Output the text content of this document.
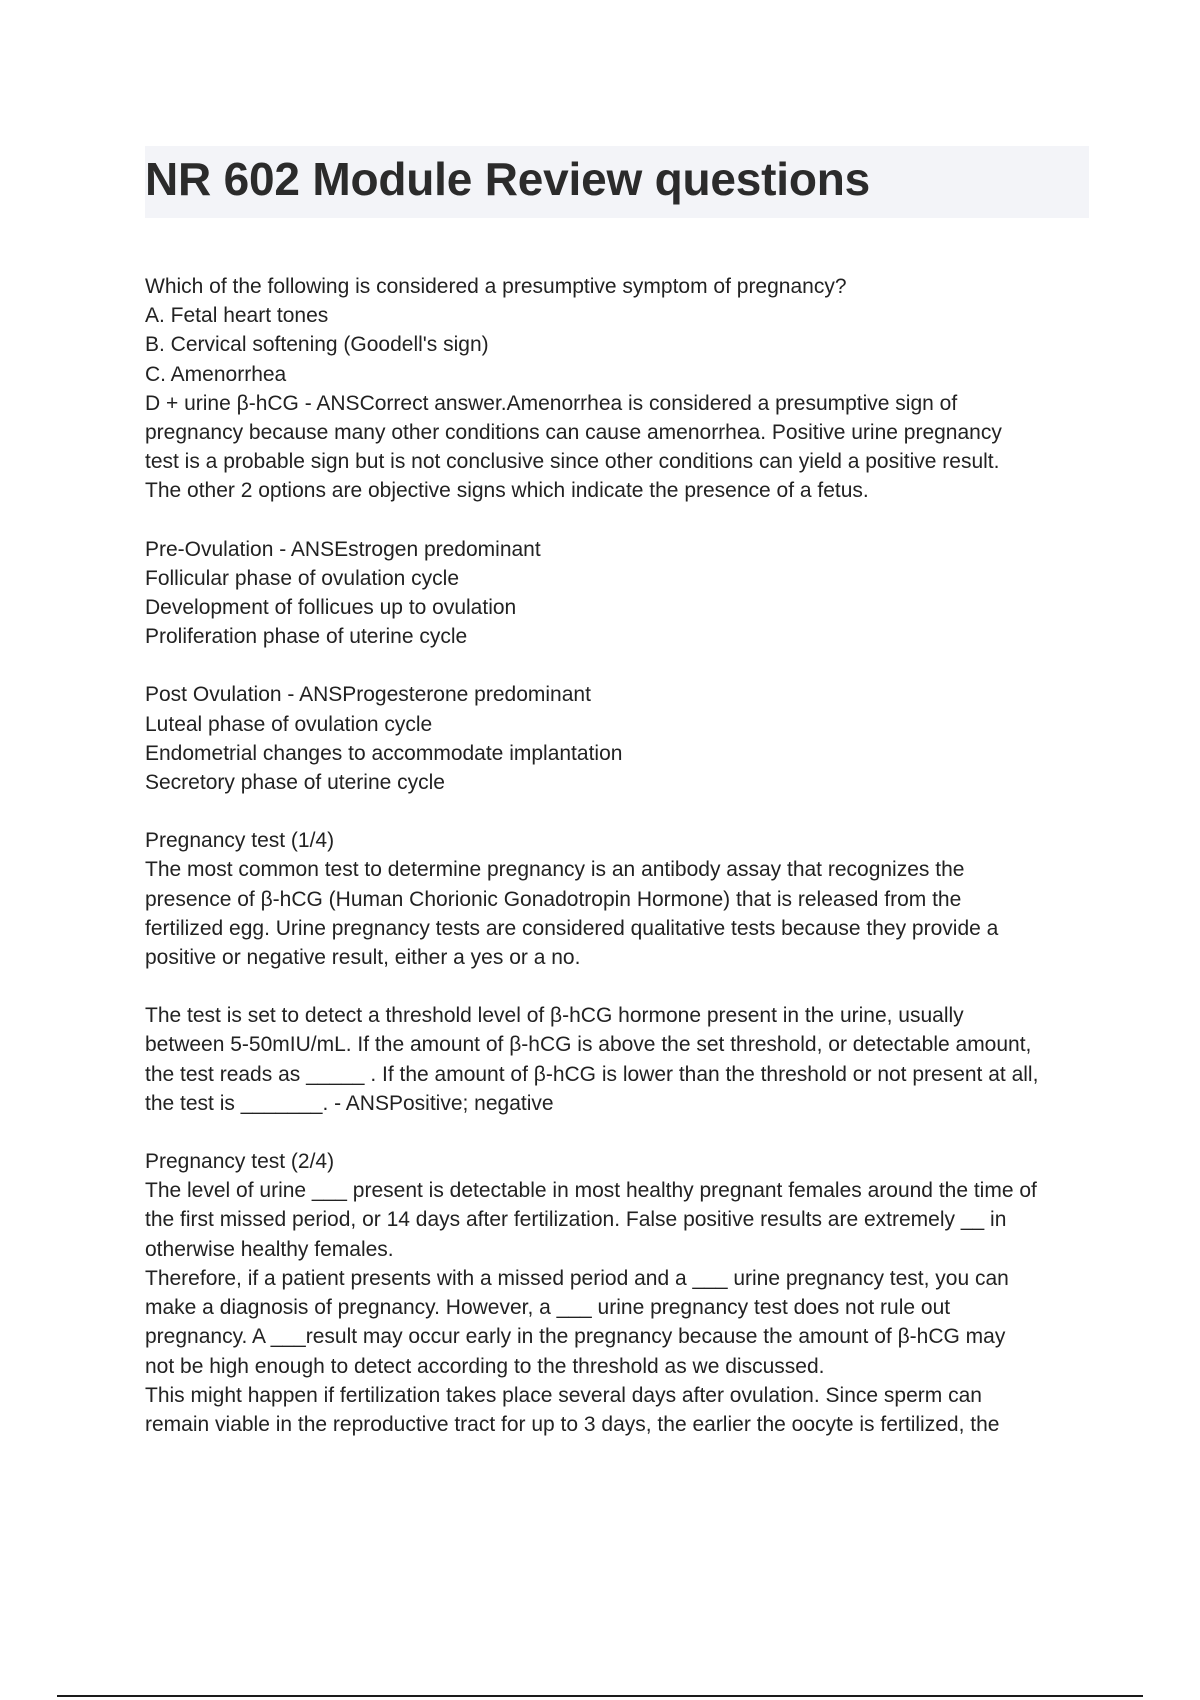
NR 602 Module Review questions

Which of the following is considered a presumptive symptom of pregnancy?

A. Fetal heart tones

B. Cervical softening (Goodell's sign)

C. Amenorrhea

D + urine β-hCG - ANSCorrect answer.Amenorrhea is considered a presumptive sign of

pregnancy because many other conditions can cause amenorrhea. Positive urine pregnancy

test is a probable sign but is not conclusive since other conditions can yield a positive result.

The other 2 options are objective signs which indicate the presence of a fetus.

Pre-Ovulation - ANSEstrogen predominant

Follicular phase of ovulation cycle

Development of follicues up to ovulation

Proliferation phase of uterine cycle

Post Ovulation - ANSProgesterone predominant

Luteal phase of ovulation cycle

Endometrial changes to accommodate implantation

Secretory phase of uterine cycle

Pregnancy test (1/4)

The most common test to determine pregnancy is an antibody assay that recognizes the

presence of β-hCG (Human Chorionic Gonadotropin Hormone) that is released from the

fertilized egg. Urine pregnancy tests are considered qualitative tests because they provide a

positive or negative result, either a yes or a no.

The test is set to detect a threshold level of β-hCG hormone present in the urine, usually

between 5-50mIU/mL. If the amount of β-hCG is above the set threshold, or detectable amount,

the test reads as _____ . If the amount of β-hCG is lower than the threshold or not present at all,

the test is _______. - ANSPositive; negative

Pregnancy test (2/4)

The level of urine ___ present is detectable in most healthy pregnant females around the time of

the first missed period, or 14 days after fertilization. False positive results are extremely __ in

otherwise healthy females.

Therefore, if a patient presents with a missed period and a ___ urine pregnancy test, you can

make a diagnosis of pregnancy. However, a ___ urine pregnancy test does not rule out

pregnancy. A ___result may occur early in the pregnancy because the amount of β-hCG may

not be high enough to detect according to the threshold as we discussed.

This might happen if fertilization takes place several days after ovulation. Since sperm can

remain viable in the reproductive tract for up to 3 days, the earlier the oocyte is fertilized, the
